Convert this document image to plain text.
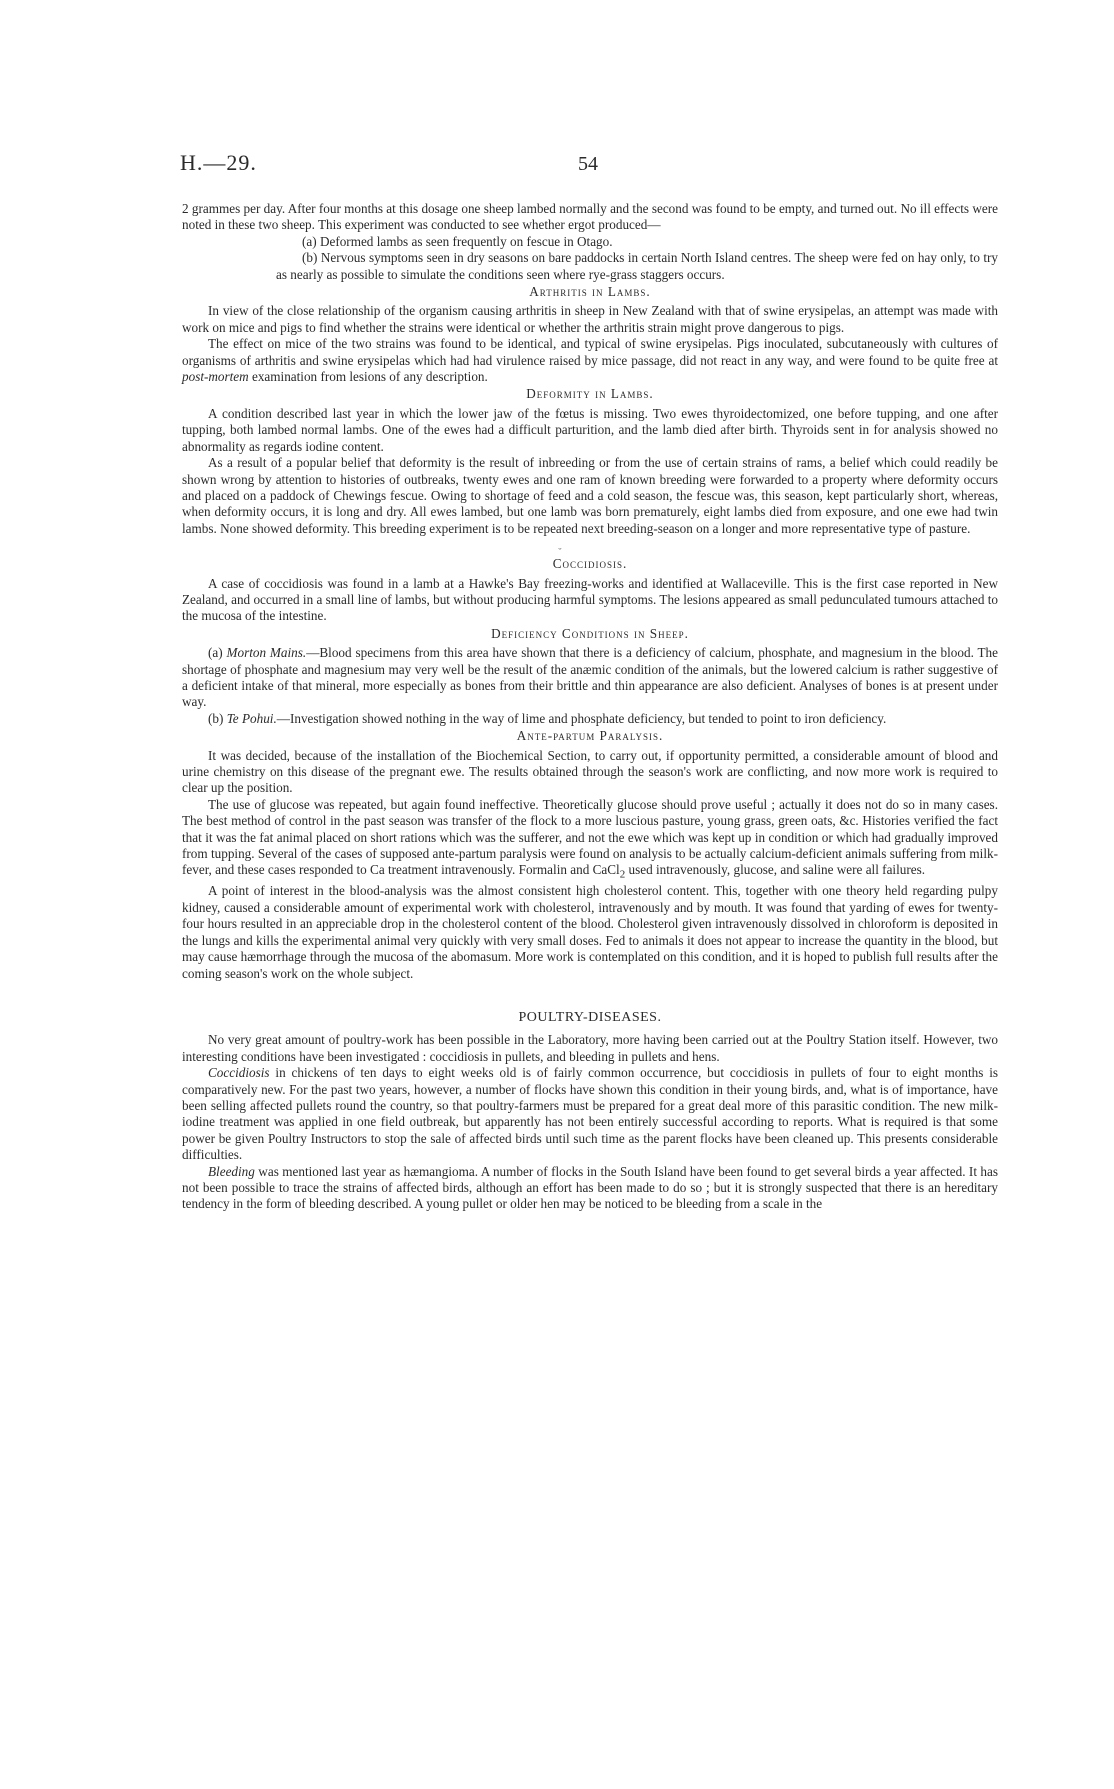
H.—29.	54

2 grammes per day. After four months at this dosage one sheep lambed normally and the second was found to be empty, and turned out. No ill effects were noted in these two sheep. This experiment was conducted to see whether ergot produced—

(a) Deformed lambs as seen frequently on fescue in Otago.

(b) Nervous symptoms seen in dry seasons on bare paddocks in certain North Island centres. The sheep were fed on hay only, to try as nearly as possible to simulate the conditions seen where rye-grass staggers occurs.

Arthritis in Lambs.

In view of the close relationship of the organism causing arthritis in sheep in New Zealand with that of swine erysipelas, an attempt was made with work on mice and pigs to find whether the strains were identical or whether the arthritis strain might prove dangerous to pigs.

The effect on mice of the two strains was found to be identical, and typical of swine erysipelas. Pigs inoculated, subcutaneously with cultures of organisms of arthritis and swine erysipelas which had had virulence raised by mice passage, did not react in any way, and were found to be quite free at post-mortem examination from lesions of any description.

Deformity in Lambs.

A condition described last year in which the lower jaw of the fœtus is missing. Two ewes thyroidectomized, one before tupping, and one after tupping, both lambed normal lambs. One of the ewes had a difficult parturition, and the lamb died after birth. Thyroids sent in for analysis showed no abnormality as regards iodine content.

As a result of a popular belief that deformity is the result of inbreeding or from the use of certain strains of rams, a belief which could readily be shown wrong by attention to histories of outbreaks, twenty ewes and one ram of known breeding were forwarded to a property where deformity occurs and placed on a paddock of Chewings fescue. Owing to shortage of feed and a cold season, the fescue was, this season, kept particularly short, whereas, when deformity occurs, it is long and dry. All ewes lambed, but one lamb was born prematurely, eight lambs died from exposure, and one ewe had twin lambs. None showed deformity. This breeding experiment is to be repeated next breeding-season on a longer and more representative type of pasture.

ᵕ
Coccidiosis.

A case of coccidiosis was found in a lamb at a Hawke's Bay freezing-works and identified at Wallaceville. This is the first case reported in New Zealand, and occurred in a small line of lambs, but without producing harmful symptoms. The lesions appeared as small pedunculated tumours attached to the mucosa of the intestine.

Deficiency Conditions in Sheep.

(a) Morton Mains.—Blood specimens from this area have shown that there is a deficiency of calcium, phosphate, and magnesium in the blood. The shortage of phosphate and magnesium may very well be the result of the anæmic condition of the animals, but the lowered calcium is rather suggestive of a deficient intake of that mineral, more especially as bones from their brittle and thin appearance are also deficient. Analyses of bones is at present under way.

(b) Te Pohui.—Investigation showed nothing in the way of lime and phosphate deficiency, but tended to point to iron deficiency.

Ante-partum Paralysis.

It was decided, because of the installation of the Biochemical Section, to carry out, if opportunity permitted, a considerable amount of blood and urine chemistry on this disease of the pregnant ewe. The results obtained through the season's work are conflicting, and now more work is required to clear up the position.

The use of glucose was repeated, but again found ineffective. Theoretically glucose should prove useful ; actually it does not do so in many cases. The best method of control in the past season was transfer of the flock to a more luscious pasture, young grass, green oats, &c. Histories verified the fact that it was the fat animal placed on short rations which was the sufferer, and not the ewe which was kept up in condition or which had gradually improved from tupping. Several of the cases of supposed ante-partum paralysis were found on analysis to be actually calcium-deficient animals suffering from milk-fever, and these cases responded to Ca treatment intravenously. Formalin and CaCl$_2$ used intravenously, glucose, and saline were all failures.

A point of interest in the blood-analysis was the almost consistent high cholesterol content. This, together with one theory held regarding pulpy kidney, caused a considerable amount of experimental work with cholesterol, intravenously and by mouth. It was found that yarding of ewes for twenty-four hours resulted in an appreciable drop in the cholesterol content of the blood. Cholesterol given intravenously dissolved in chloroform is deposited in the lungs and kills the experimental animal very quickly with very small doses. Fed to animals it does not appear to increase the quantity in the blood, but may cause hæmorrhage through the mucosa of the abomasum. More work is contemplated on this condition, and it is hoped to publish full results after the coming season's work on the whole subject.

POULTRY-DISEASES.

No very great amount of poultry-work has been possible in the Laboratory, more having been carried out at the Poultry Station itself. However, two interesting conditions have been investigated : coccidiosis in pullets, and bleeding in pullets and hens.

Coccidiosis in chickens of ten days to eight weeks old is of fairly common occurrence, but coccidiosis in pullets of four to eight months is comparatively new. For the past two years, however, a number of flocks have shown this condition in their young birds, and, what is of importance, have been selling affected pullets round the country, so that poultry-farmers must be prepared for a great deal more of this parasitic condition. The new milk-iodine treatment was applied in one field outbreak, but apparently has not been entirely successful according to reports. What is required is that some power be given Poultry Instructors to stop the sale of affected birds until such time as the parent flocks have been cleaned up. This presents considerable difficulties.

Bleeding was mentioned last year as hæmangioma. A number of flocks in the South Island have been found to get several birds a year affected. It has not been possible to trace the strains of affected birds, although an effort has been made to do so ; but it is strongly suspected that there is an hereditary tendency in the form of bleeding described. A young pullet or older hen may be noticed to be bleeding from a scale in the
